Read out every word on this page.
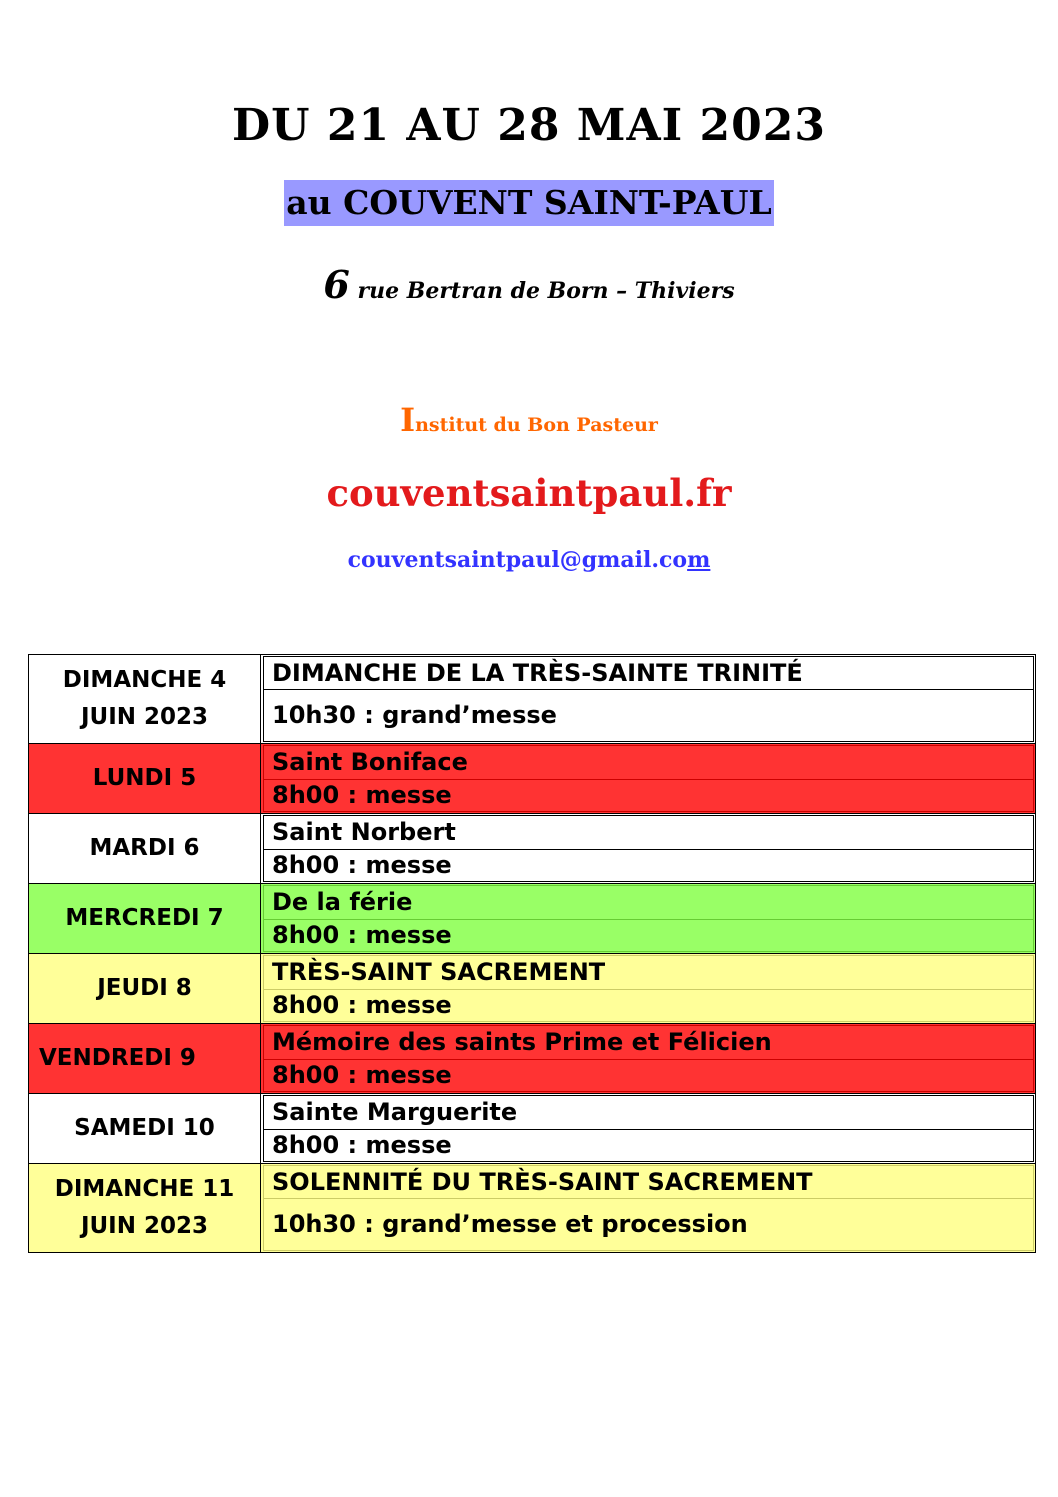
DU 21 AU 28 MAI 2023
au COUVENT SAINT-PAUL
6 rue Bertran de Born – Thiviers
Institut du Bon Pasteur
couventsaintpaul.fr
couventsaintpaul@gmail.com
DIMANCHE 4
JUIN 2023
DIMANCHE DE LA TRÈS-SAINTE TRINITÉ
10h30 : grand’messe
LUNDI 5
Saint Boniface
8h00 : messe
MARDI 6
Saint Norbert
8h00 : messe
MERCREDI 7
De la férie
8h00 : messe
JEUDI 8
TRÈS-SAINT SACREMENT
8h00 : messe
VENDREDI 9
Mémoire des saints Prime et Félicien
8h00 : messe
SAMEDI 10
Sainte Marguerite
8h00 : messe
DIMANCHE 11
JUIN 2023
SOLENNITÉ DU TRÈS-SAINT SACREMENT
10h30 : grand’messe et procession
